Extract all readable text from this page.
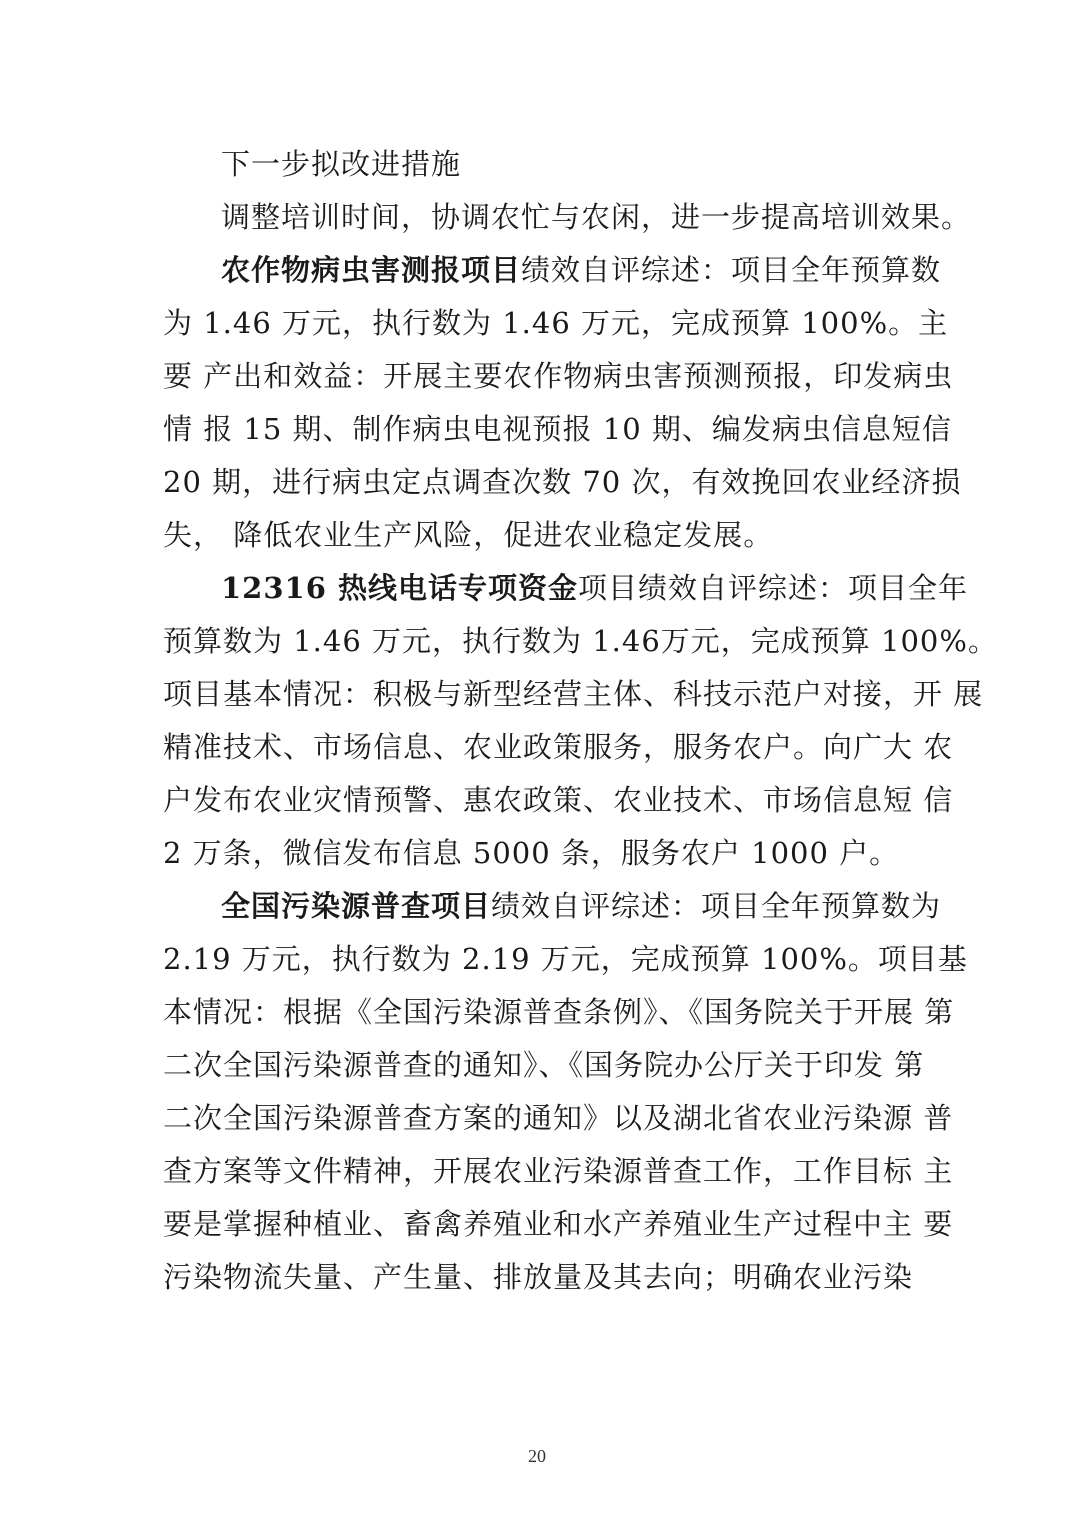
下一步拟改进措施
调整培训时间，协调农忙与农闲，进一步提高培训效果。
农作物病虫害测报项目绩效自评综述：项目全年预算数
为 1.46 万元，执行数为 1.46 万元，完成预算 100%。主
要 产出和效益：开展主要农作物病虫害预测预报，印发病虫
情 报 15 期、制作病虫电视预报 10 期、编发病虫信息短信
20 期，进行病虫定点调查次数 70 次，有效挽回农业经济损
失， 降低农业生产风险，促进农业稳定发展。
12316 热线电话专项资金项目绩效自评综述：项目全年
预算数为 1.46 万元，执行数为 1.46万元，完成预算 100%。
项目基本情况：积极与新型经营主体、科技示范户对接，开 展
精准技术、市场信息、农业政策服务，服务农户。向广大 农
户发布农业灾情预警、惠农政策、农业技术、市场信息短 信
2 万条，微信发布信息 5000 条，服务农户 1000 户。
全国污染源普查项目绩效自评综述：项目全年预算数为
2.19 万元，执行数为 2.19 万元，完成预算 100%。项目基
本情况：根据《全国污染源普查条例》、《国务院关于开展 第
二次全国污染源普查的通知》、《国务院办公厅关于印发 第
二次全国污染源普查方案的通知》以及湖北省农业污染源 普
查方案等文件精神，开展农业污染源普查工作，工作目标 主
要是掌握种植业、畜禽养殖业和水产养殖业生产过程中主 要
污染物流失量、产生量、排放量及其去向；明确农业污染
20
